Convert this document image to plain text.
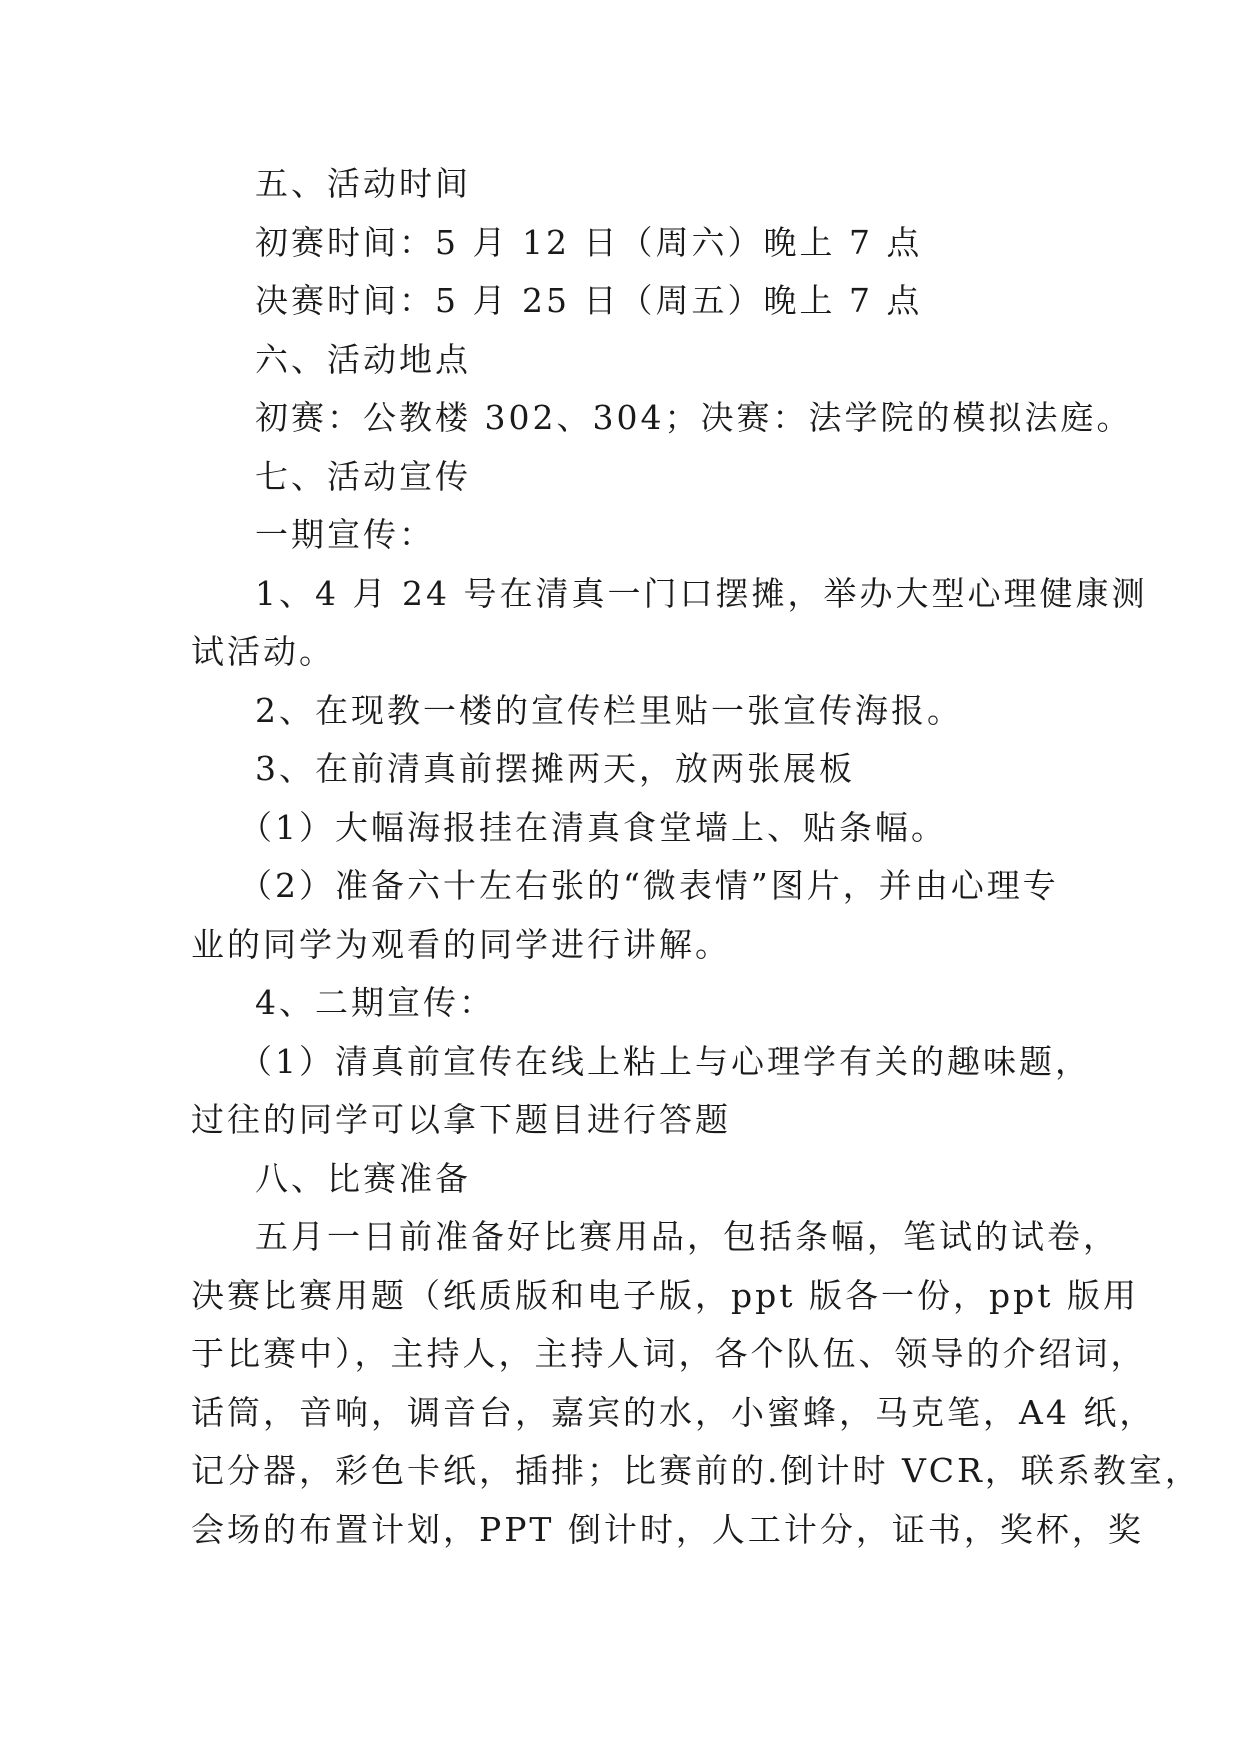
五、活动时间
初赛时间：5 月 12 日（周六）晚上 7 点
决赛时间：5 月 25 日（周五）晚上 7 点
六、活动地点
初赛：公教楼 302、304；决赛：法学院的模拟法庭。
七、活动宣传
一期宣传：
1、4 月 24 号在清真一门口摆摊，举办大型心理健康测
试活动。
2、在现教一楼的宣传栏里贴一张宣传海报。
3、在前清真前摆摊两天，放两张展板
（1）大幅海报挂在清真食堂墙上、贴条幅。
（2）准备六十左右张的“微表情”图片，并由心理专
业的同学为观看的同学进行讲解。
4、二期宣传：
（1）清真前宣传在线上粘上与心理学有关的趣味题，
过往的同学可以拿下题目进行答题
八、比赛准备
五月一日前准备好比赛用品，包括条幅，笔试的试卷，
决赛比赛用题（纸质版和电子版，ppt 版各一份，ppt 版用
于比赛中），主持人，主持人词，各个队伍、领导的介绍词，
话筒，音响，调音台，嘉宾的水，小蜜蜂，马克笔，A4 纸，
记分器，彩色卡纸，插排；比赛前的.倒计时 VCR，联系教室，
会场的布置计划，PPT 倒计时，人工计分，证书，奖杯，奖
